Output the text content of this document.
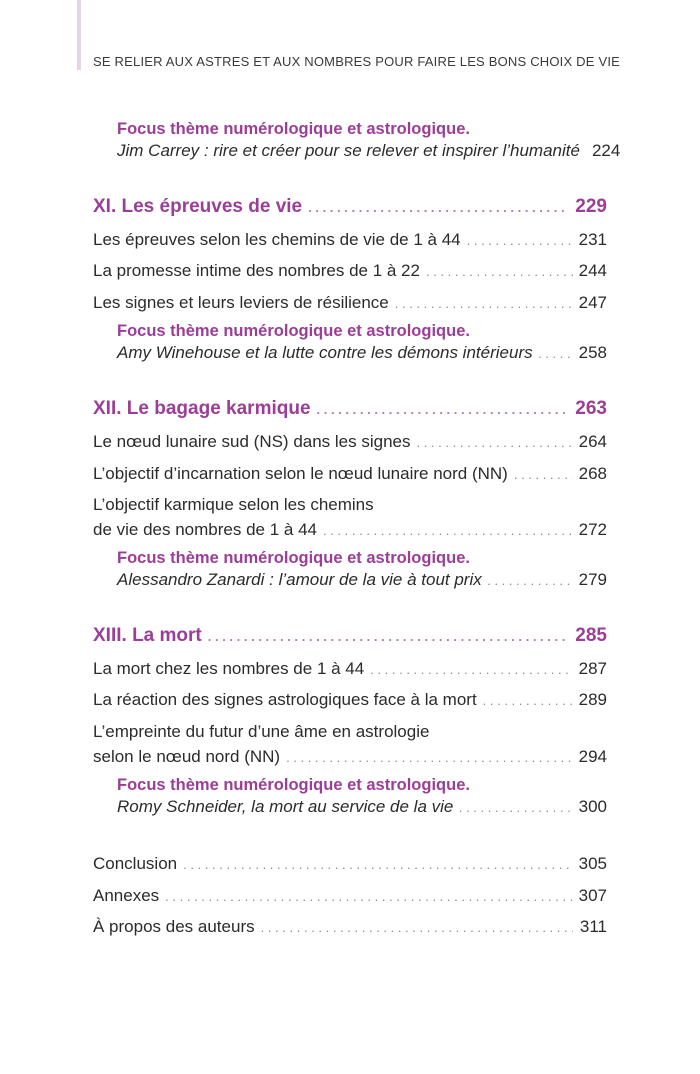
SE RELIER AUX ASTRES ET AUX NOMBRES POUR FAIRE LES BONS CHOIX DE VIE
Focus thème numérologique et astrologique.
Jim Carrey : rire et créer pour se relever et inspirer l’humanité 224
XI. Les épreuves de vie . . .	229
Les épreuves selon les chemins de vie de 1 à 44 . . .	231
La promesse intime des nombres de 1 à 22 . . .	244
Les signes et leurs leviers de résilience . . .	247
Focus thème numérologique et astrologique.
Amy Winehouse et la lutte contre les démons intérieurs . . .	258
XII. Le bagage karmique . . .	263
Le nœud lunaire sud (NS) dans les signes . . .	264
L’objectif d’incarnation selon le nœud lunaire nord (NN) . . .	268
L’objectif karmique selon les chemins
de vie des nombres de 1 à 44 . . .	272
Focus thème numérologique et astrologique.
Alessandro Zanardi : l’amour de la vie à tout prix . . .	279
XIII. La mort . . .	285
La mort chez les nombres de 1 à 44 . . .	287
La réaction des signes astrologiques face à la mort . . .	289
L’empreinte du futur d’une âme en astrologie
selon le nœud nord (NN) . . .	294
Focus thème numérologique et astrologique.
Romy Schneider, la mort au service de la vie . . .	300
Conclusion . . .	305
Annexes . . .	307
À propos des auteurs . . .	311
